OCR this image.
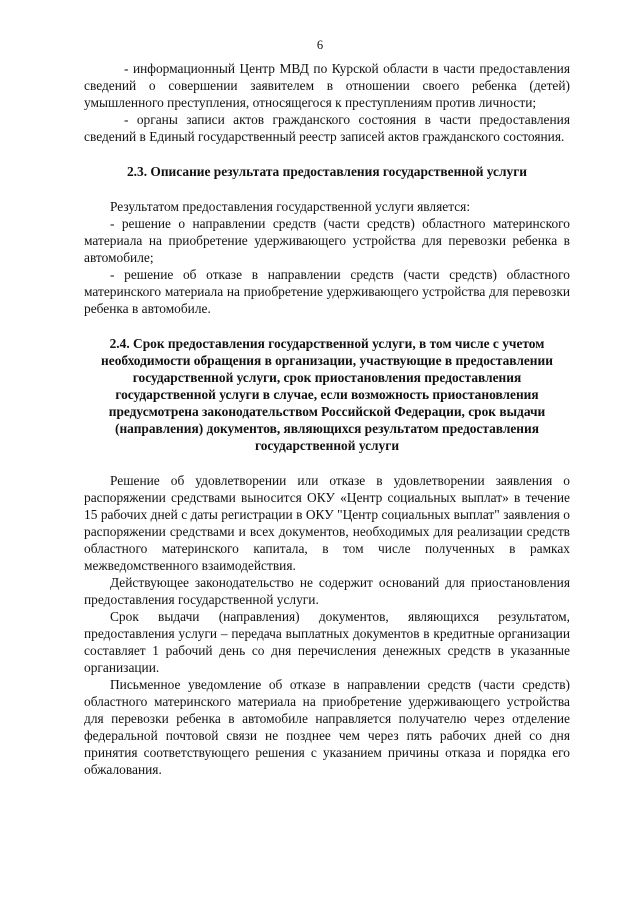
6

- информационный Центр МВД по Курской области в части предоставления сведений о совершении заявителем в отношении своего ребенка (детей) умышленного преступления, относящегося к преступлениям против личности;

- органы записи актов гражданского состояния в части предоставления сведений в Единый государственный реестр записей актов гражданского состояния.

2.3. Описание результата предоставления государственной услуги

Результатом предоставления государственной услуги является:

- решение о направлении средств (части средств) областного материнского материала на приобретение удерживающего устройства для перевозки ребенка в автомобиле;

- решение об отказе в направлении средств (части средств) областного материнского материала на приобретение удерживающего устройства для перевозки ребенка в автомобиле.

2.4. Срок предоставления государственной услуги, в том числе с учетом необходимости обращения в организации, участвующие в предоставлении государственной услуги, срок приостановления предоставления государственной услуги в случае, если возможность приостановления предусмотрена законодательством Российской Федерации, срок выдачи (направления) документов, являющихся результатом предоставления государственной услуги

Решение об удовлетворении или отказе в удовлетворении заявления о распоряжении средствами выносится ОКУ «Центр социальных выплат» в течение 15 рабочих дней с даты регистрации в ОКУ "Центр социальных выплат" заявления о распоряжении средствами и всех документов, необходимых для реализации средств областного материнского капитала, в том числе полученных в рамках межведомственного взаимодействия.

Действующее законодательство не содержит оснований для приостановления предоставления государственной услуги.

Срок выдачи (направления) документов, являющихся результатом, предоставления услуги – передача выплатных документов в кредитные организации составляет 1 рабочий день со дня перечисления денежных средств в указанные организации.

Письменное уведомление об отказе в направлении средств (части средств) областного материнского материала на приобретение удерживающего устройства для перевозки ребенка в автомобиле направляется получателю через отделение федеральной почтовой связи не позднее чем через пять рабочих дней со дня принятия соответствующего решения с указанием причины отказа и порядка его обжалования.
